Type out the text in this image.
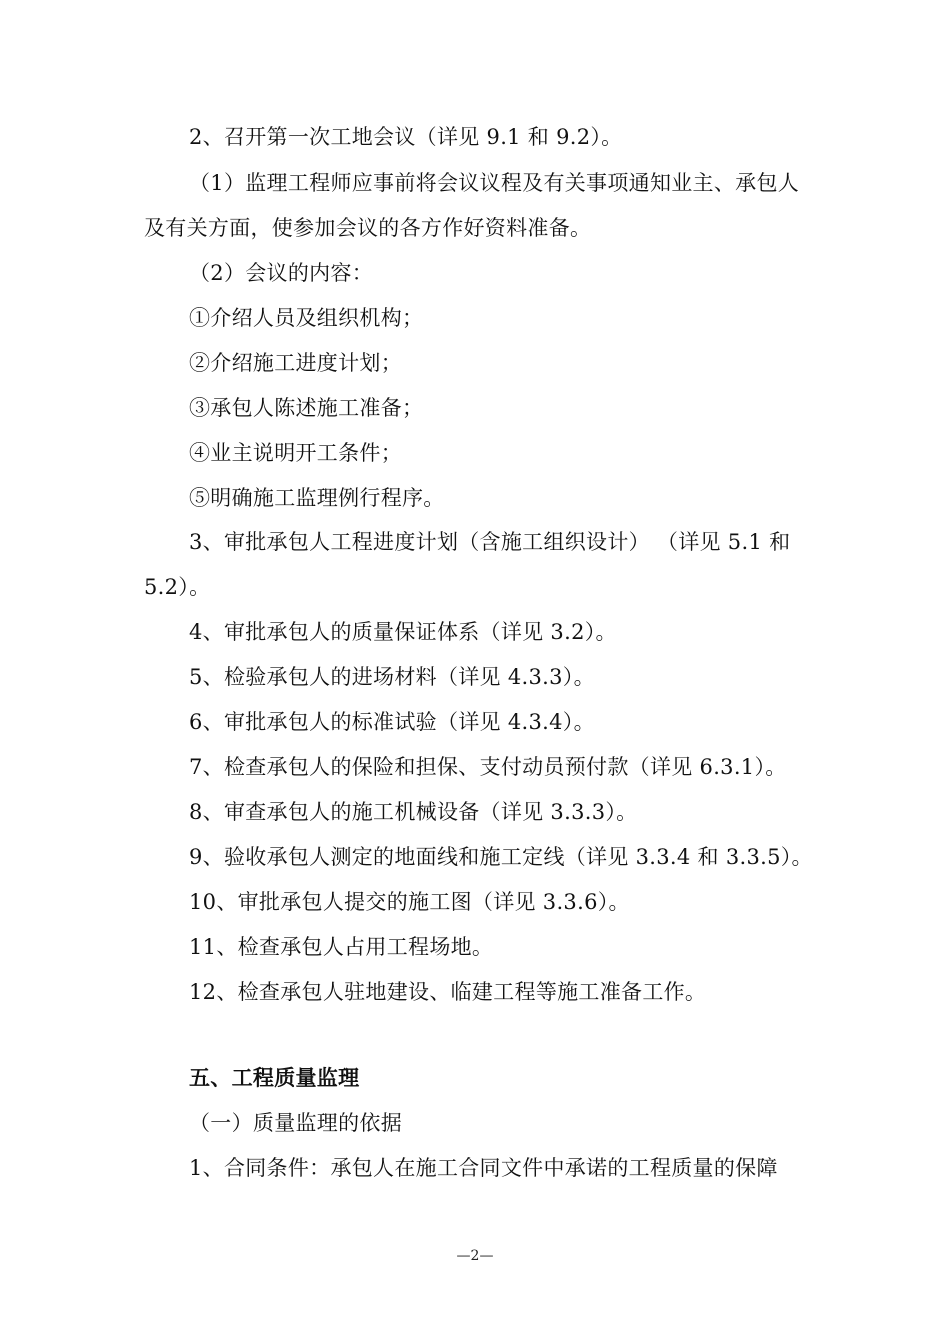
2、召开第一次工地会议（详见 9.1 和 9.2）。
（1）监理工程师应事前将会议议程及有关事项通知业主、承包人
及有关方面，使参加会议的各方作好资料准备。
（2）会议的内容：
①介绍人员及组织机构；
②介绍施工进度计划；
③承包人陈述施工准备；
④业主说明开工条件；
⑤明确施工监理例行程序。
3、审批承包人工程进度计划（含施工组织设计） （详见 5.1 和
5.2）。
4、审批承包人的质量保证体系（详见 3.2）。
5、检验承包人的进场材料（详见 4.3.3）。
6、审批承包人的标准试验（详见 4.3.4）。
7、检查承包人的保险和担保、支付动员预付款（详见 6.3.1）。
8、审查承包人的施工机械设备（详见 3.3.3）。
9、验收承包人测定的地面线和施工定线（详见 3.3.4 和 3.3.5）。
10、审批承包人提交的施工图（详见 3.3.6）。
11、检查承包人占用工程场地。
12、检查承包人驻地建设、临建工程等施工准备工作。
五、工程质量监理
（一）质量监理的依据
1、合同条件：承包人在施工合同文件中承诺的工程质量的保障
—2—
